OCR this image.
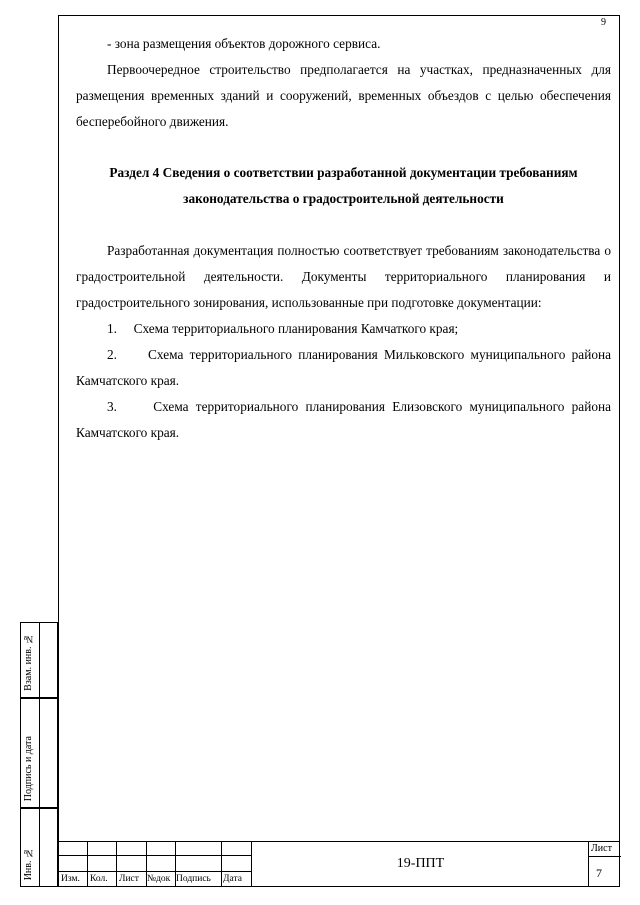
9

- зона размещения объектов дорожного сервиса.

Первоочередное строительство предполагается на участках, предназначенных для размещения временных зданий и сооружений, временных объездов с целью обеспечения бесперебойного движения.

Раздел 4 Сведения о соответствии разработанной документации требованиям законодательства о градостроительной деятельности

Разработанная документация полностью соответствует требованиям законодательства о градостроительной деятельности. Документы территориального планирования и градостроительного зонирования, использованные при подготовке документации:

1.     Схема территориального планирования Камчаткого края;

2.     Схема территориального планирования Мильковского муниципального района Камчатского края.

3.     Схема территориального планирования Елизовского муниципального района Камчатского края.

Взам. инв. №
Подпись и дата
Инв. №	Изм. Кол. Лист №док Подпись Дата
19-ППТ
Лист
7
